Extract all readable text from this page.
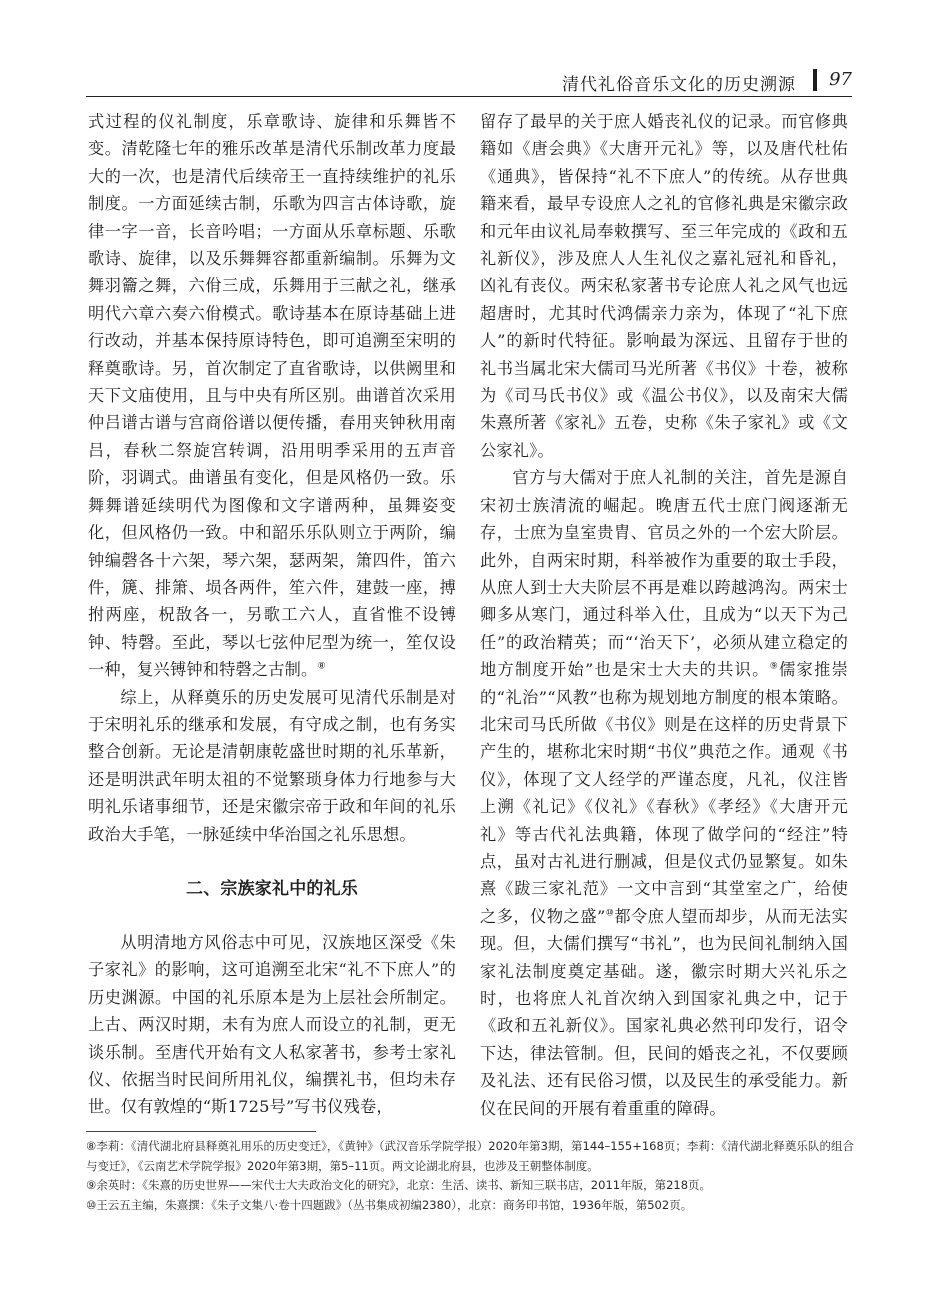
清代礼俗音乐文化的历史溯源 97

式过程的仪礼制度，乐章歌诗、旋律和乐舞皆不变。清乾隆七年的雅乐改革是清代乐制改革力度最大的一次，也是清代后续帝王一直持续维护的礼乐制度。一方面延续古制，乐歌为四言古体诗歌，旋律一字一音，长音吟唱；一方面从乐章标题、乐歌歌诗、旋律，以及乐舞舞容都重新编制。乐舞为文舞羽籥之舞，六佾三成，乐舞用于三献之礼，继承明代六章六奏六佾模式。歌诗基本在原诗基础上进行改动，并基本保持原诗特色，即可追溯至宋明的释奠歌诗。另，首次制定了直省歌诗，以供阙里和天下文庙使用，且与中央有所区别。曲谱首次采用仲吕谱古谱与宫商俗谱以便传播，春用夹钟秋用南吕，春秋二祭旋宫转调，沿用明季采用的五声音阶，羽调式。曲谱虽有变化，但是风格仍一致。乐舞舞谱延续明代为图像和文字谱两种，虽舞姿变化，但风格仍一致。中和韶乐乐队则立于两阶，编钟编磬各十六架，琴六架，瑟两架，箫四件，笛六件，篪、排箫、埙各两件，笙六件，建鼓一座，搏拊两座，柷敔各一，另歌工六人，直省惟不设镈钟、特磬。至此，琴以七弦仲尼型为统一，笙仅设一种，复兴镈钟和特磬之古制。⑧

综上，从释奠乐的历史发展可见清代乐制是对于宋明礼乐的继承和发展，有守成之制，也有务实整合创新。无论是清朝康乾盛世时期的礼乐革新，还是明洪武年明太祖的不觉繁琐身体力行地参与大明礼乐诸事细节，还是宋徽宗帝于政和年间的礼乐政治大手笔，一脉延续中华治国之礼乐思想。

二、宗族家礼中的礼乐

从明清地方风俗志中可见，汉族地区深受《朱子家礼》的影响，这可追溯至北宋“礼不下庶人”的历史渊源。中国的礼乐原本是为上层社会所制定。上古、两汉时期，未有为庶人而设立的礼制，更无谈乐制。至唐代开始有文人私家著书，参考士家礼仪、依据当时民间所用礼仪，编撰礼书，但均未存世。仅有敦煌的“斯1725号”写书仪残卷，

留存了最早的关于庶人婚丧礼仪的记录。而官修典籍如《唐会典》《大唐开元礼》等，以及唐代杜佑《通典》，皆保持“礼不下庶人”的传统。从存世典籍来看，最早专设庶人之礼的官修礼典是宋徽宗政和元年由议礼局奉敕撰写、至三年完成的《政和五礼新仪》，涉及庶人人生礼仪之嘉礼冠礼和昏礼，凶礼有丧仪。两宋私家著书专论庶人礼之风气也远超唐时，尤其时代鸿儒亲力亲为，体现了“礼下庶人”的新时代特征。影响最为深远、且留存于世的礼书当属北宋大儒司马光所著《书仪》十卷，被称为《司马氏书仪》或《温公书仪》，以及南宋大儒朱熹所著《家礼》五卷，史称《朱子家礼》或《文公家礼》。

官方与大儒对于庶人礼制的关注，首先是源自宋初士族清流的崛起。晚唐五代士庶门阀逐渐无存，士庶为皇室贵胄、官员之外的一个宏大阶层。此外，自两宋时期，科举被作为重要的取士手段，从庶人到士大夫阶层不再是难以跨越鸿沟。两宋士卿多从寒门，通过科举入仕，且成为“以天下为己任”的政治精英；而“‘治天下’，必须从建立稳定的地方制度开始”也是宋士大夫的共识。⑨儒家推崇的“礼治”“风教”也称为规划地方制度的根本策略。北宋司马氏所做《书仪》则是在这样的历史背景下产生的，堪称北宋时期“书仪”典范之作。通观《书仪》，体现了文人经学的严谨态度，凡礼，仪注皆上溯《礼记》《仪礼》《春秋》《孝经》《大唐开元礼》等古代礼法典籍，体现了做学问的“经注”特点，虽对古礼进行删减，但是仪式仍显繁复。如朱熹《跋三家礼范》一文中言到“其堂室之广，给使之多，仪物之盛”⑩都令庶人望而却步，从而无法实现。但，大儒们撰写“书礼”，也为民间礼制纳入国家礼法制度奠定基础。遂，徽宗时期大兴礼乐之时，也将庶人礼首次纳入到国家礼典之中，记于《政和五礼新仪》。国家礼典必然刊印发行，诏令下达，律法管制。但，民间的婚丧之礼，不仅要顾及礼法、还有民俗习惯，以及民生的承受能力。新仪在民间的开展有着重重的障碍。

⑧李莉：《清代湖北府县释奠礼用乐的历史变迁》，《黄钟》（武汉音乐学院学报）2020年第3期，第144–155+168页；李莉：《清代湖北释奠乐队的组合与变迁》，《云南艺术学院学报》2020年第3期，第5–11页。两文论湖北府县，也涉及王朝整体制度。

⑨余英时：《朱熹的历史世界——宋代士大夫政治文化的研究》，北京：生活、读书、新知三联书店，2011年版，第218页。

⑩王云五主编，朱熹撰：《朱子文集八·卷十四题跋》（丛书集成初编2380），北京：商务印书馆，1936年版，第502页。
